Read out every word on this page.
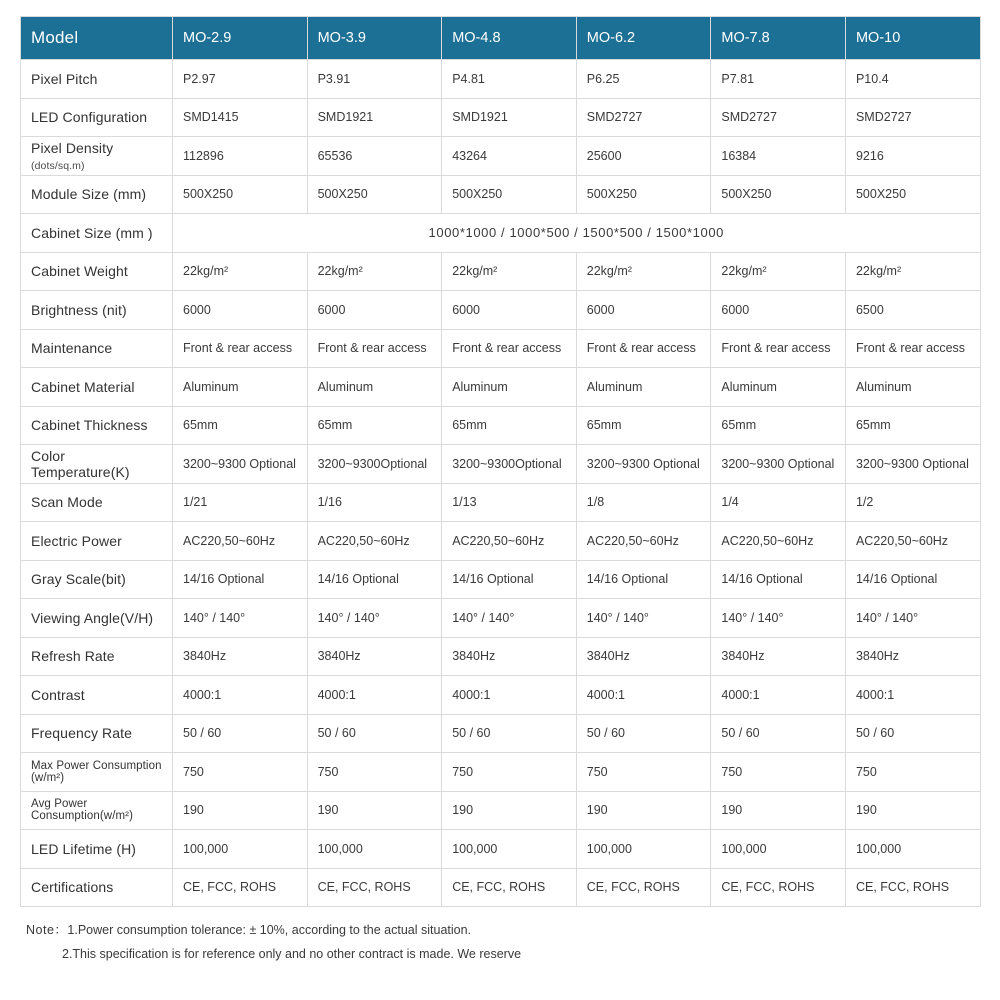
Model	MO-2.9	MO-3.9	MO-4.8	MO-6.2	MO-7.8	MO-10
Pixel Pitch	P2.97	P3.91	P4.81	P6.25	P7.81	P10.4
LED Configuration	SMD1415	SMD1921	SMD1921	SMD2727	SMD2727	SMD2727
Pixel Density (dots/sq.m)	112896	65536	43264	25600	16384	9216
Module Size (mm)	500X250	500X250	500X250	500X250	500X250	500X250
Cabinet Size (mm )	1000*1000 / 1000*500 / 1500*500 / 1500*1000					
Cabinet Weight	22kg/m²	22kg/m²	22kg/m²	22kg/m²	22kg/m²	22kg/m²
Brightness (nit)	6000	6000	6000	6000	6000	6500
Maintenance	Front & rear access	Front & rear access	Front & rear access	Front & rear access	Front & rear access	Front & rear access
Cabinet Material	Aluminum	Aluminum	Aluminum	Aluminum	Aluminum	Aluminum
Cabinet Thickness	65mm	65mm	65mm	65mm	65mm	65mm
Color Temperature(K)	3200~9300 Optional	3200~9300Optional	3200~9300Optional	3200~9300 Optional	3200~9300 Optional	3200~9300 Optional
Scan Mode	1/21	1/16	1/13	1/8	1/4	1/2
Electric Power	AC220,50~60Hz	AC220,50~60Hz	AC220,50~60Hz	AC220,50~60Hz	AC220,50~60Hz	AC220,50~60Hz
Gray Scale(bit)	14/16 Optional	14/16 Optional	14/16 Optional	14/16 Optional	14/16 Optional	14/16 Optional
Viewing Angle(V/H)	140° / 140°	140° / 140°	140° / 140°	140° / 140°	140° / 140°	140° / 140°
Refresh Rate	3840Hz	3840Hz	3840Hz	3840Hz	3840Hz	3840Hz
Contrast	4000:1	4000:1	4000:1	4000:1	4000:1	4000:1
Frequency Rate	50 / 60	50 / 60	50 / 60	50 / 60	50 / 60	50 / 60
Max Power Consumption (w/m²)	750	750	750	750	750	750
Avg Power Consumption(w/m²)	190	190	190	190	190	190
LED Lifetime (H)	100,000	100,000	100,000	100,000	100,000	100,000
Certifications	CE, FCC, ROHS	CE, FCC, ROHS	CE, FCC, ROHS	CE, FCC, ROHS	CE, FCC, ROHS	CE, FCC, ROHS
Note：1.Power consumption tolerance: ± 10%, according to the actual situation.
2.This specification is for reference only and no other contract is made. We reserve
